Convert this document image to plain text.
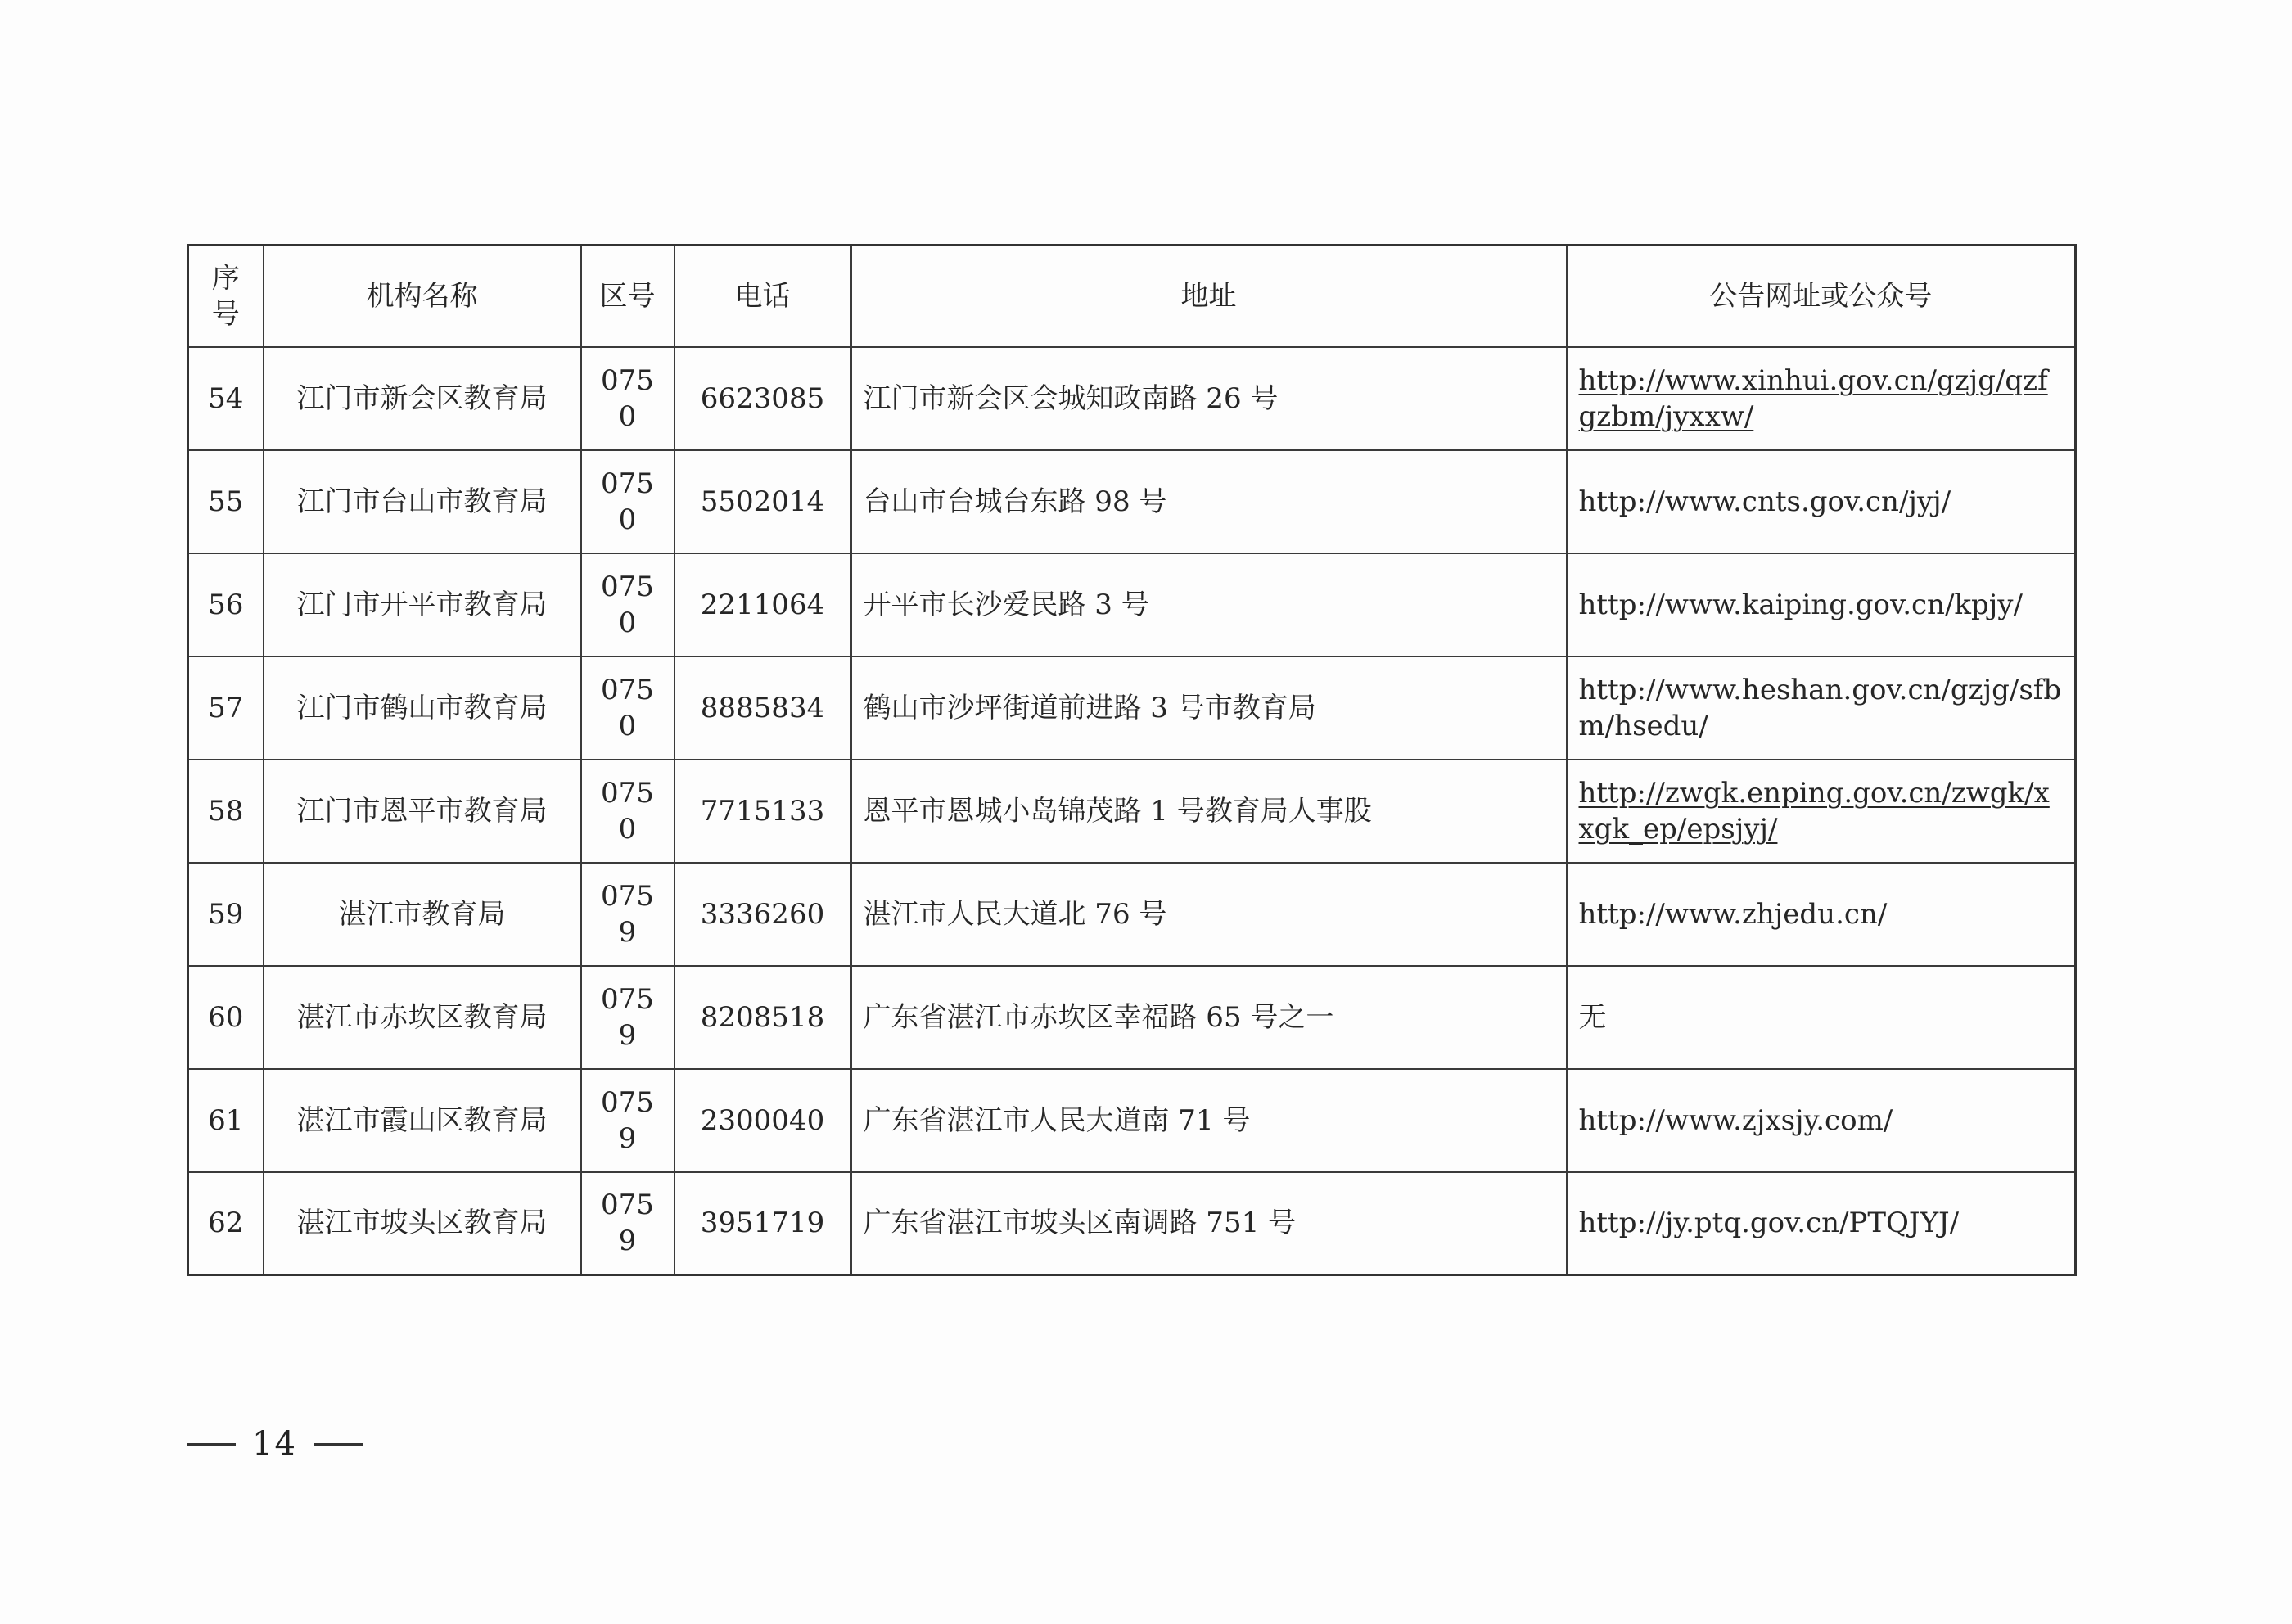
序号	机构名称	区号	电话	地址	公告网址或公众号
54	江门市新会区教育局	0750	6623085	江门市新会区会城知政南路 26 号	http://www.xinhui.gov.cn/gzjg/qzfgzbm/jyxxw/
55	江门市台山市教育局	0750	5502014	台山市台城台东路 98 号	http://www.cnts.gov.cn/jyj/
56	江门市开平市教育局	0750	2211064	开平市长沙爱民路 3 号	http://www.kaiping.gov.cn/kpjy/
57	江门市鹤山市教育局	0750	8885834	鹤山市沙坪街道前进路 3 号市教育局	http://www.heshan.gov.cn/gzjg/sfbm/hsedu/
58	江门市恩平市教育局	0750	7715133	恩平市恩城小岛锦茂路 1 号教育局人事股	http://zwgk.enping.gov.cn/zwgk/xxgk_ep/epsjyj/
59	湛江市教育局	0759	3336260	湛江市人民大道北 76 号	http://www.zhjedu.cn/
60	湛江市赤坎区教育局	0759	8208518	广东省湛江市赤坎区幸福路 65 号之一	无
61	湛江市霞山区教育局	0759	2300040	广东省湛江市人民大道南 71 号	http://www.zjxsjy.com/
62	湛江市坡头区教育局	0759	3951719	广东省湛江市坡头区南调路 751 号	http://jy.ptq.gov.cn/PTQJYJ/
14
